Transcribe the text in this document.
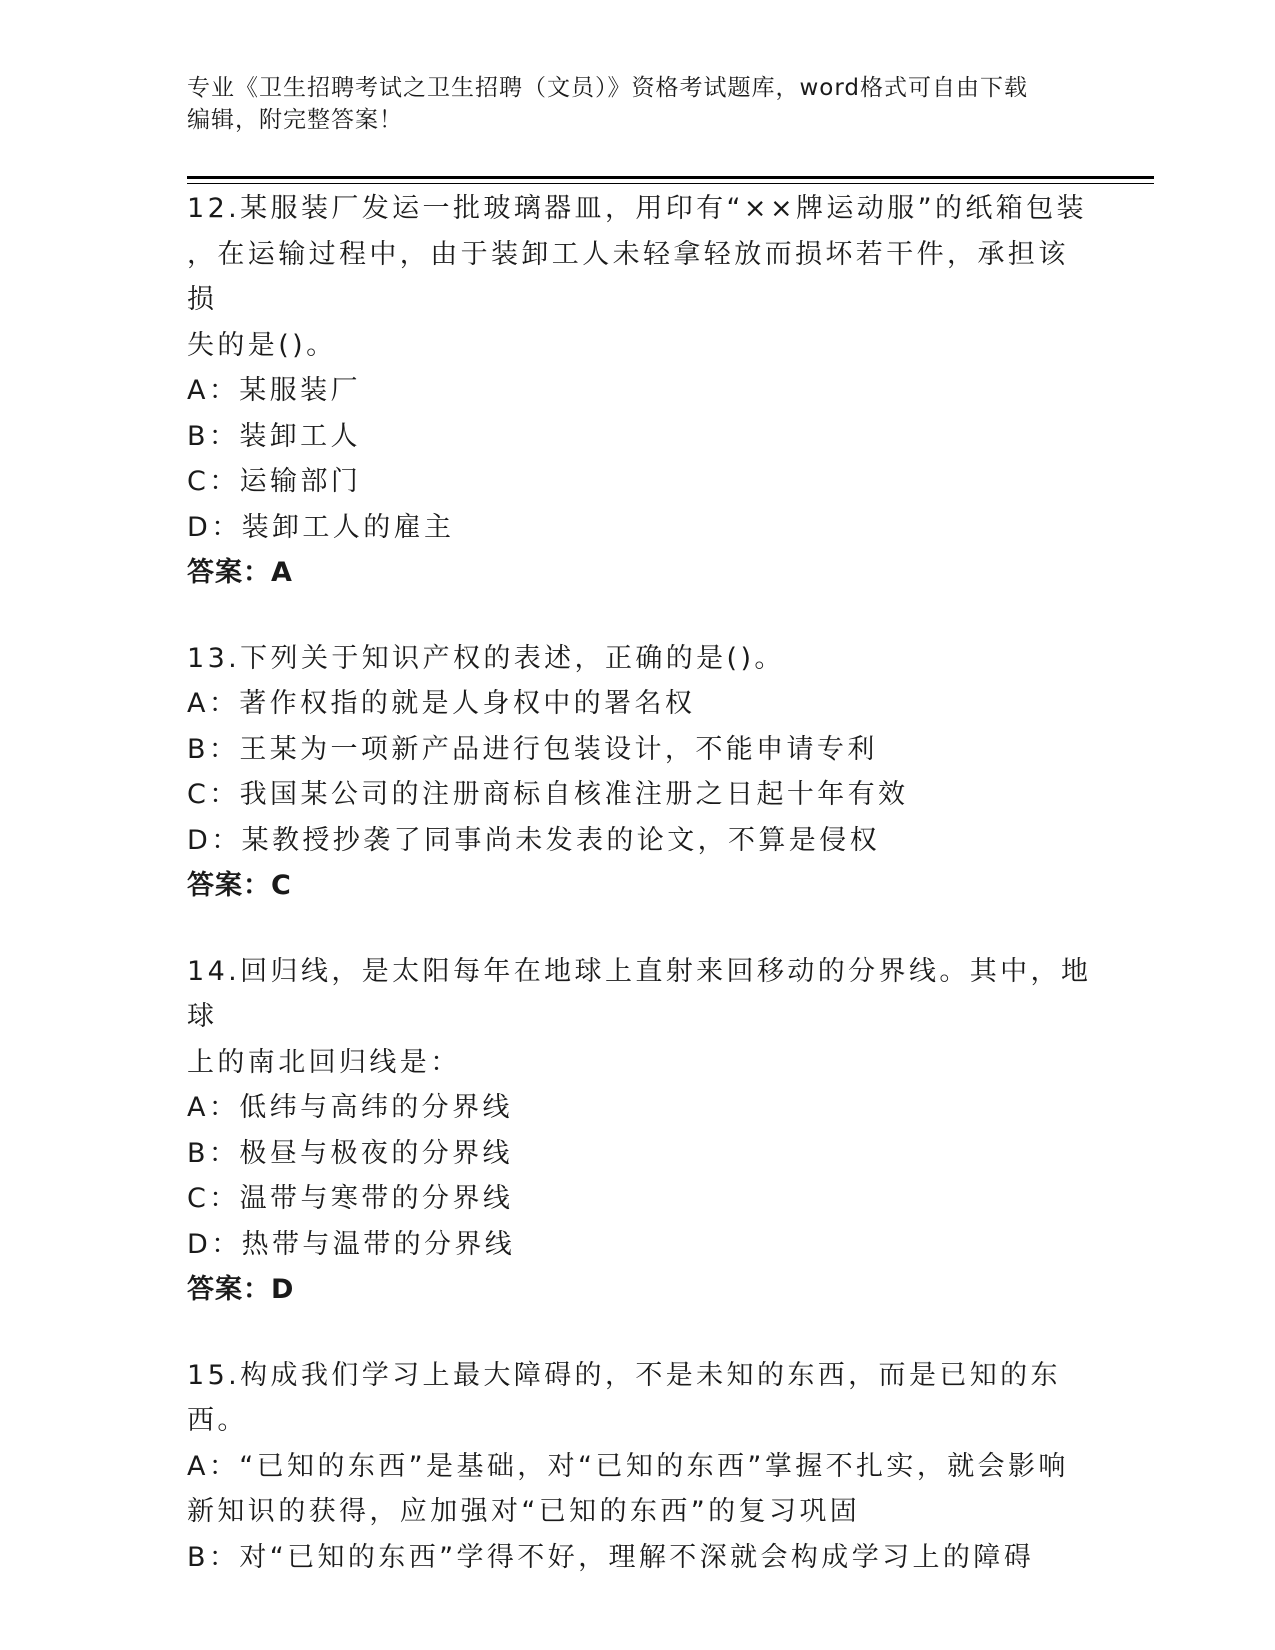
专业《卫生招聘考试之卫生招聘（文员）》资格考试题库，word格式可自由下载
编辑，附完整答案！
12.某服装厂发运一批玻璃器皿，用印有“××牌运动服”的纸箱包装
，在运输过程中，由于装卸工人未轻拿轻放而损坏若干件，承担该损
失的是()。
A：某服装厂
B：装卸工人
C：运输部门
D：装卸工人的雇主
答案：A
13.下列关于知识产权的表述，正确的是()。
A：著作权指的就是人身权中的署名权
B：王某为一项新产品进行包装设计，不能申请专利
C：我国某公司的注册商标自核准注册之日起十年有效
D：某教授抄袭了同事尚未发表的论文，不算是侵权
答案：C
14.回归线，是太阳每年在地球上直射来回移动的分界线。其中，地球
上的南北回归线是：
A：低纬与高纬的分界线
B：极昼与极夜的分界线
C：温带与寒带的分界线
D：热带与温带的分界线
答案：D
15.构成我们学习上最大障碍的，不是未知的东西，而是已知的东西。
A：“已知的东西”是基础，对“已知的东西”掌握不扎实，就会影响
新知识的获得，应加强对“已知的东西”的复习巩固
B：对“已知的东西”学得不好，理解不深就会构成学习上的障碍
